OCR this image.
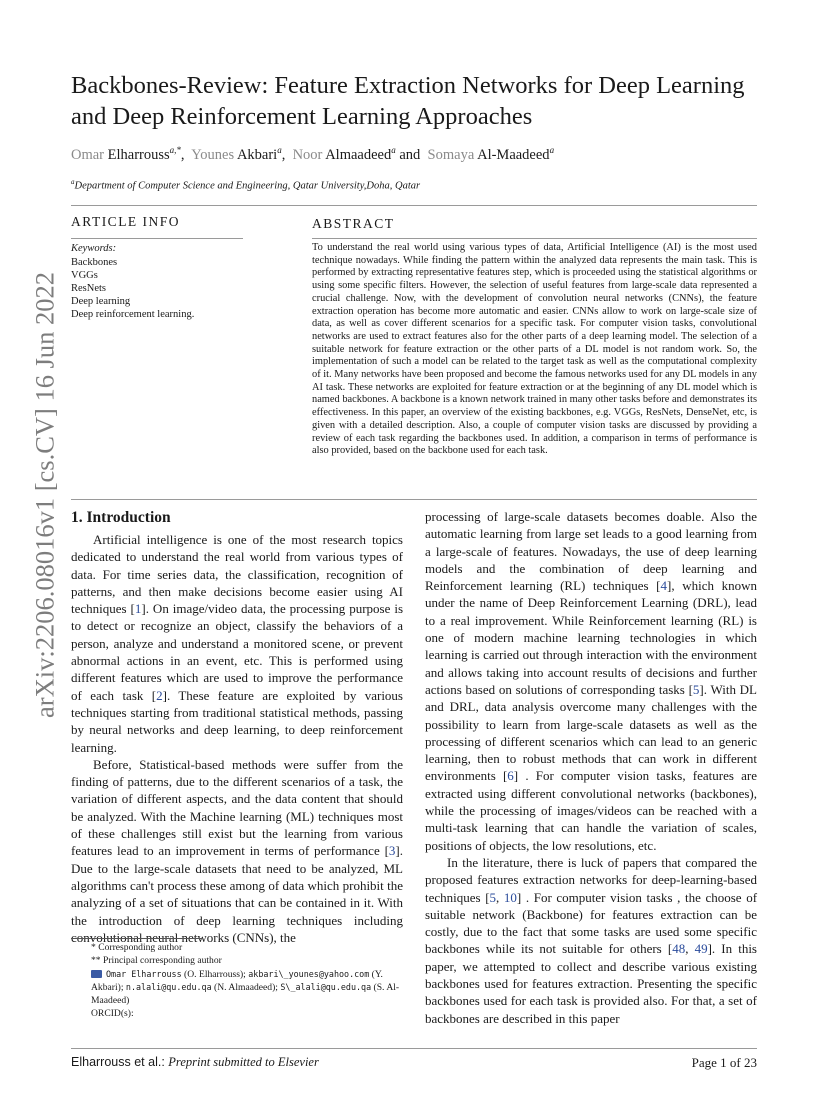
arXiv:2206.08016v1 [cs.CV] 16 Jun 2022
Backbones-Review: Feature Extraction Networks for Deep Learning and Deep Reinforcement Learning Approaches
Omar Elharrouss$^{a,*}$,  Younes Akbari$^a$,  Noor Almaadeed$^a$ and  Somaya Al-Maadeed$^a$
$^a$Department of Computer Science and Engineering, Qatar University,Doha, Qatar
ARTICLE INFO
Keywords:
Backbones
VGGs
ResNets
Deep learning
Deep reinforcement learning.
ABSTRACT
To understand the real world using various types of data, Artificial Intelligence (AI) is the most used technique nowadays. While finding the pattern within the analyzed data represents the main task. This is performed by extracting representative features step, which is proceeded using the statistical algorithms or using some specific filters. However, the selection of useful features from large-scale data represented a crucial challenge. Now, with the development of convolution neural networks (CNNs), the feature extraction operation has become more automatic and easier. CNNs allow to work on large-scale size of data, as well as cover different scenarios for a specific task. For computer vision tasks, convolutional networks are used to extract features also for the other parts of a deep learning model. The selection of a suitable network for feature extraction or the other parts of a DL model is not random work. So, the implementation of such a model can be related to the target task as well as the computational complexity of it. Many networks have been proposed and become the famous networks used for any DL models in any AI task. These networks are exploited for feature extraction or at the beginning of any DL model which is named backbones. A backbone is a known network trained in many other tasks before and demonstrates its effectiveness. In this paper, an overview of the existing backbones, e.g. VGGs, ResNets, DenseNet, etc, is given with a detailed description. Also, a couple of computer vision tasks are discussed by providing a review of each task regarding the backbones used. In addition, a comparison in terms of performance is also provided, based on the backbone used for each task.
1. Introduction

Artificial intelligence is one of the most research topics dedicated to understand the real world from various types of data. For time series data, the classification, recognition of patterns, and then make decisions become easier using AI techniques [1]. On image/video data, the processing purpose is to detect or recognize an object, classify the behaviors of a person, analyze and understand a monitored scene, or prevent abnormal actions in an event, etc. This is performed using different features which are used to improve the performance of each task [2]. These feature are exploited by various techniques starting from traditional statistical methods, passing by neural networks and deep learning, to deep reinforcement learning.

Before, Statistical-based methods were suffer from the finding of patterns, due to the different scenarios of a task, the variation of different aspects, and the data content that should be analyzed. With the Machine learning (ML) techniques most of these challenges still exist but the learning from various features lead to an improvement in terms of performance [3]. Due to the large-scale datasets that need to be analyzed, ML algorithms can't process these among of data which prohibit the analyzing of a set of situations that can be contained in it. With the introduction of deep learning techniques including convolutional neural networks (CNNs), the

processing of large-scale datasets becomes doable. Also the automatic learning from large set leads to a good learning from a large-scale of features. Nowadays, the use of deep learning models and the combination of deep learning and Reinforcement learning (RL) techniques [4], which known under the name of Deep Reinforcement Learning (DRL), lead to a real improvement. While Reinforcement learning (RL) is one of modern machine learning technologies in which learning is carried out through interaction with the environment and allows taking into account results of decisions and further actions based on solutions of corresponding tasks [5]. With DL and DRL, data analysis overcome many challenges with the possibility to learn from large-scale datasets as well as the processing of different scenarios which can lead to an generic learning, then to robust methods that can work in different environments [6] . For computer vision tasks, features are extracted using different convolutional networks (backbones), while the processing of images/videos can be reached with a multi-task learning that can handle the variation of scales, positions of objects, the low resolutions, etc.

In the literature, there is luck of papers that compared the proposed features extraction networks for deep-learning-based techniques [5, 10] . For computer vision tasks , the choose of suitable network (Backbone) for features extraction can be costly, due to the fact that some tasks are used some specific backbones while its not suitable for others [48, 49]. In this paper, we attempted to collect and describe various existing backbones used for features extraction. Presenting the specific backbones used for each task is provided also. For that, a set of backbones are described in this paper

* Corresponding author
** Principal corresponding author
Omar Elharrouss (O. Elharrouss); akbari\_younes@yahoo.com (Y. Akbari); n.alali@qu.edu.qa (N. Almaadeed); S\_alali@qu.edu.qa (S. Al-Maadeed)
ORCID(s):
Elharrouss et al.: Preprint submitted to Elsevier	Page 1 of 23
